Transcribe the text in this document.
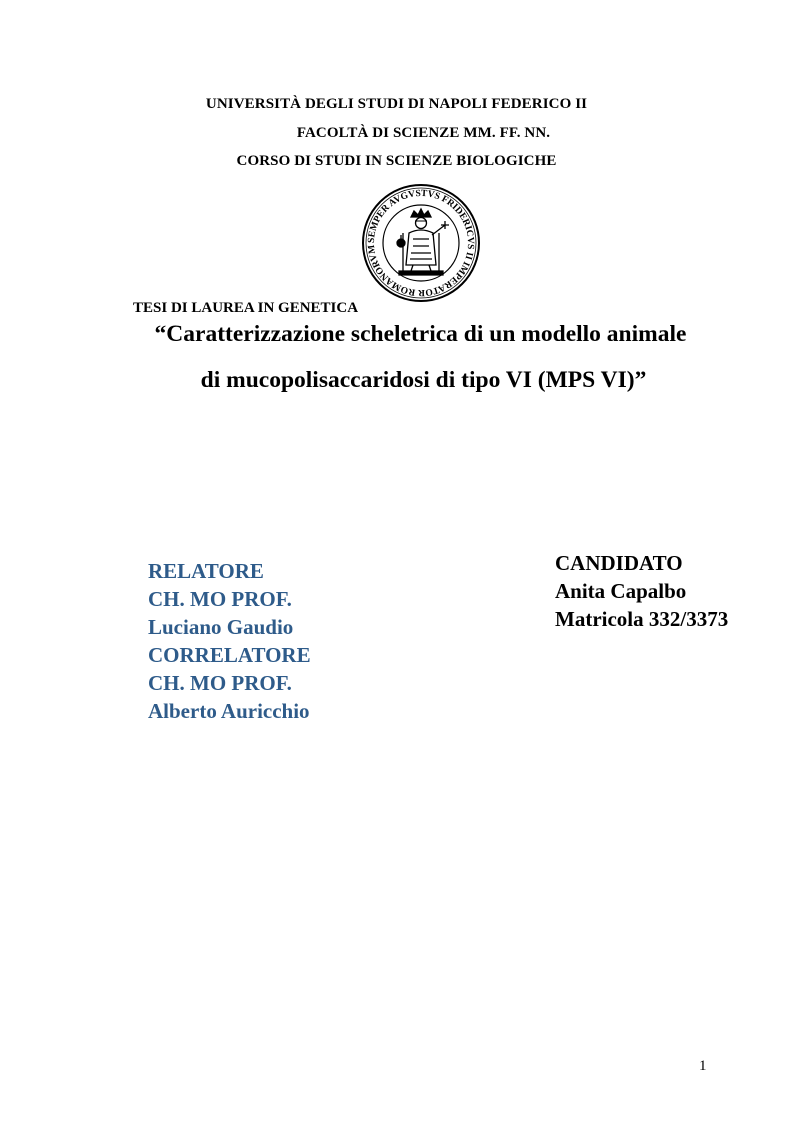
UNIVERSITÀ DEGLI STUDI DI NAPOLI FEDERICO II
FACOLTÀ DI SCIENZE MM. FF. NN.
CORSO DI STUDI IN SCIENZE BIOLOGICHE
SEMPER AVGVSTVS FRIDERICVS II IMPERATOR ROMANORVM
TESI DI LAUREA IN GENETICA
“Caratterizzazione scheletrica di un modello animale
di mucopolisaccaridosi di tipo VI (MPS VI)”
RELATORE
CH. MO PROF.
Luciano Gaudio
CORRELATORE
CH. MO PROF.
Alberto Auricchio
CANDIDATO
Anita Capalbo
Matricola 332/3373
1
